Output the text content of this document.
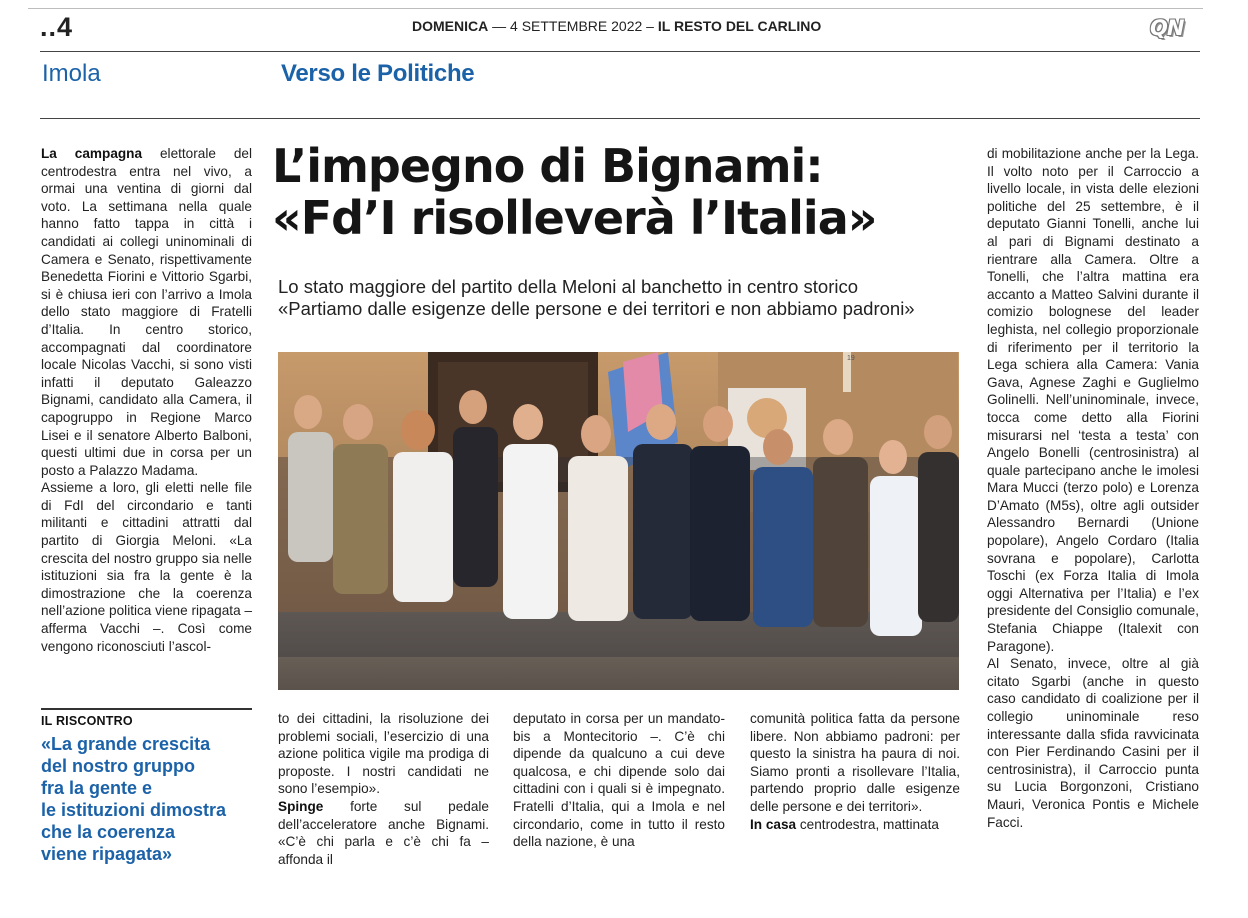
..4	DOMENICA — 4 SETTEMBRE 2022 – IL RESTO DEL CARLINO	QN
Imola	Verso le Politiche

La campagna elettorale del centrodestra entra nel vivo, a ormai una ventina di giorni dal voto. La settimana nella quale hanno fatto tappa in città i candidati ai collegi uninominali di Camera e Senato, rispettivamente Benedetta Fiorini e Vittorio Sgarbi, si è chiusa ieri con l’arrivo a Imola dello stato maggiore di Fratelli d’Italia. In centro storico, accompagnati dal coordinatore locale Nicolas Vacchi, si sono visti infatti il deputato Galeazzo Bignami, candidato alla Camera, il capogruppo in Regione Marco Lisei e il senatore Alberto Balboni, questi ultimi due in corsa per un posto a Palazzo Madama.

Assieme a loro, gli eletti nelle file di FdI del circondario e tanti militanti e cittadini attratti dal partito di Giorgia Meloni. «La crescita del nostro gruppo sia nelle istituzioni sia fra la gente è la dimostrazione che la coerenza nell’azione politica viene ripagata – afferma Vacchi –. Così come vengono riconosciuti l’ascol-

L’impegno di Bignami:
«Fd’I risolleverà l’Italia»
Lo stato maggiore del partito della Meloni al banchetto in centro storico
«Partiamo dalle esigenze delle persone e dei territori e non abbiamo padroni»
19
IL RISCONTRO
«La grande crescita
del nostro gruppo
fra la gente e
le istituzioni dimostra
che la coerenza
viene ripagata»

to dei cittadini, la risoluzione dei problemi sociali, l’esercizio di una azione politica vigile ma prodiga di proposte. I nostri candidati ne sono l’esempio».

Spinge forte sul pedale dell’acceleratore anche Bignami. «C’è chi parla e c’è chi fa – affonda il

deputato in corsa per un mandato-bis a Montecitorio –. C’è chi dipende da qualcuno a cui deve qualcosa, e chi dipende solo dai cittadini con i quali si è impegnato. Fratelli d’Italia, qui a Imola e nel circondario, come in tutto il resto della nazione, è una

comunità politica fatta da persone libere. Non abbiamo padroni: per questo la sinistra ha paura di noi. Siamo pronti a risollevare l’Italia, partendo proprio dalle esigenze delle persone e dei territori».

In casa centrodestra, mattinata

di mobilitazione anche per la Lega. Il volto noto per il Carroccio a livello locale, in vista delle elezioni politiche del 25 settembre, è il deputato Gianni Tonelli, anche lui al pari di Bignami destinato a rientrare alla Camera. Oltre a Tonelli, che l’altra mattina era accanto a Matteo Salvini durante il comizio bolognese del leader leghista, nel collegio proporzionale di riferimento per il territorio la Lega schiera alla Camera: Vania Gava, Agnese Zaghi e Guglielmo Golinelli. Nell’uninominale, invece, tocca come detto alla Fiorini misurarsi nel ‘testa a testa’ con Angelo Bonelli (centrosinistra) al quale partecipano anche le imolesi Mara Mucci (terzo polo) e Lorenza D’Amato (M5s), oltre agli outsider Alessandro Bernardi (Unione popolare), Angelo Cordaro (Italia sovrana e popolare), Carlotta Toschi (ex Forza Italia di Imola oggi Alternativa per l’Italia) e l’ex presidente del Consiglio comunale, Stefania Chiappe (Italexit con Paragone).

Al Senato, invece, oltre al già citato Sgarbi (anche in questo caso candidato di coalizione per il collegio uninominale reso interessante dalla sfida ravvicinata con Pier Ferdinando Casini per il centrosinistra), il Carroccio punta su Lucia Borgonzoni, Cristiano Mauri, Veronica Pontis e Michele Facci.
